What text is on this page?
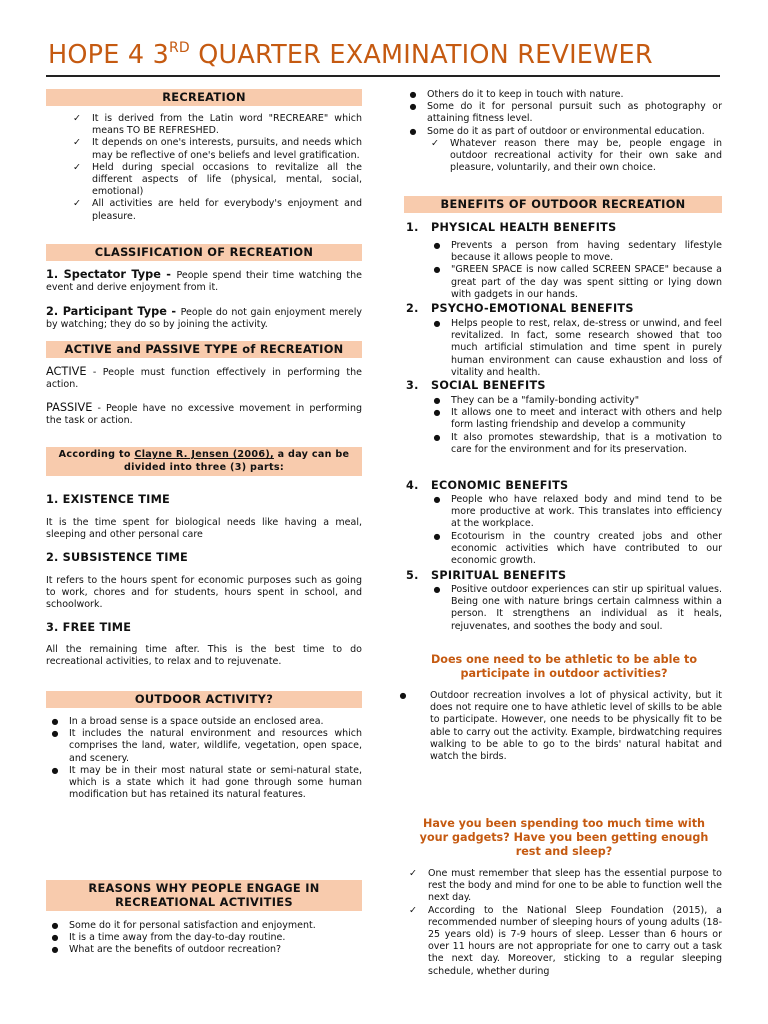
HOPE 4 3RD QUARTER EXAMINATION REVIEWER
RECREATION
✓	It is derived from the Latin word "RECREARE" which means TO BE REFRESHED.
✓	It depends on one's interests, pursuits, and needs which may be reflective of one's beliefs and level gratification.
✓	Held during special occasions to revitalize all the different aspects of life (physical, mental, social, emotional)
✓	All activities are held for everybody's enjoyment and pleasure.
CLASSIFICATION OF RECREATION
1. Spectator Type - People spend their time watching the event and derive enjoyment from it.
2. Participant Type - People do not gain enjoyment merely by watching; they do so by joining the activity.
ACTIVE and PASSIVE TYPE of RECREATION
ACTIVE - People must function effectively in performing the action.
PASSIVE - People have no excessive movement in performing the task or action.
According to Clayne R. Jensen (2006), a day can be divided into three (3) parts:
1. EXISTENCE TIME
It is the time spent for biological needs like having a meal, sleeping and other personal care
2. SUBSISTENCE TIME
It refers to the hours spent for economic purposes such as going to work, chores and for students, hours spent in school, and schoolwork.
3. FREE TIME
All the remaining time after. This is the best time to do recreational activities, to relax and to rejuvenate.
OUTDOOR ACTIVITY?
●	In a broad sense is a space outside an enclosed area.
●	It includes the natural environment and resources which comprises the land, water, wildlife, vegetation, open space, and scenery.
●	It may be in their most natural state or semi-natural state, which is a state which it had gone through some human modification but has retained its natural features.
REASONS WHY PEOPLE ENGAGE IN RECREATIONAL ACTIVITIES
●	Some do it for personal satisfaction and enjoyment.
●	It is a time away from the day-to-day routine.
●	What are the benefits of outdoor recreation?
●	Others do it to keep in touch with nature.
●	Some do it for personal pursuit such as photography or attaining fitness level.
●	Some do it as part of outdoor or environmental education.
✓	Whatever reason there may be, people engage in outdoor recreational activity for their own sake and pleasure, voluntarily, and their own choice.
BENEFITS OF OUTDOOR RECREATION
1. PHYSICAL HEALTH BENEFITS
●	Prevents a person from having sedentary lifestyle because it allows people to move.
●	"GREEN SPACE is now called SCREEN SPACE" because a great part of the day was spent sitting or lying down with gadgets in our hands.
2. PSYCHO-EMOTIONAL BENEFITS
●	Helps people to rest, relax, de-stress or unwind, and feel revitalized. In fact, some research showed that too much artificial stimulation and time spent in purely human environment can cause exhaustion and loss of vitality and health.
3. SOCIAL BENEFITS
●	They can be a "family-bonding activity"
●	It allows one to meet and interact with others and help form lasting friendship and develop a community
●	It also promotes stewardship, that is a motivation to care for the environment and for its preservation.
4. ECONOMIC BENEFITS
●	People who have relaxed body and mind tend to be more productive at work. This translates into efficiency at the workplace.
●	Ecotourism in the country created jobs and other economic activities which have contributed to our economic growth.
5. SPIRITUAL BENEFITS
●	Positive outdoor experiences can stir up spiritual values. Being one with nature brings certain calmness within a person. It strengthens an individual as it heals, rejuvenates, and soothes the body and soul.
Does one need to be athletic to be able to participate in outdoor activities?
●	Outdoor recreation involves a lot of physical activity, but it does not require one to have athletic level of skills to be able to participate. However, one needs to be physically fit to be able to carry out the activity. Example, birdwatching requires walking to be able to go to the birds' natural habitat and watch the birds.
Have you been spending too much time with your gadgets? Have you been getting enough rest and sleep?
✓	One must remember that sleep has the essential purpose to rest the body and mind for one to be able to function well the next day.
✓	According to the National Sleep Foundation (2015), a recommended number of sleeping hours of young adults (18-25 years old) is 7-9 hours of sleep. Lesser than 6 hours or over 11 hours are not appropriate for one to carry out a task the next day. Moreover, sticking to a regular sleeping schedule, whether during
